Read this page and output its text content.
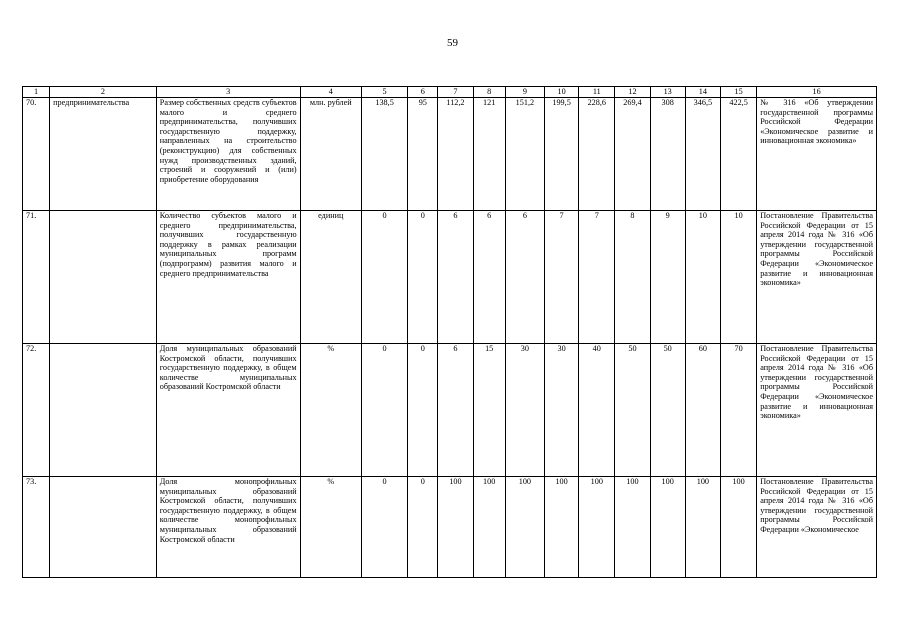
59
1	2	3	4	5	6	7	8	9	10	11	12	13	14	15	16
70.	предпринимательства	Размер собственных средств субъектов малого и среднего предпринимательства, получивших государственную поддержку, направленных на строительство (реконструкцию) для собственных нужд производственных зданий, строений и сооружений и (или) приобретение оборудования	млн. рублей	138,5	95	112,2	121	151,2	199,5	228,6	269,4	308	346,5	422,5	№ 316 «Об утверждении государственной программы Российской Федерации «Экономическое развитие и инновационная экономика»
71.		Количество субъектов малого и среднего предпринимательства, получивших государственную поддержку в рамках реализации муниципальных программ (подпрограмм) развития малого и среднего предпринимательства	единиц	0	0	6	6	6	7	7	8	9	10	10	Постановление Правительства Российской Федерации от 15 апреля 2014 года № 316 «Об утверждении государственной программы Российской Федерации «Экономическое развитие и инновационная экономика»
72.		Доля муниципальных образований Костромской области, получивших государственную поддержку, в общем количестве муниципальных образований Костромской области	%	0	0	6	15	30	30	40	50	50	60	70	Постановление Правительства Российской Федерации от 15 апреля 2014 года № 316 «Об утверждении государственной программы Российской Федерации «Экономическое развитие и инновационная экономика»
73.		Доля монопрофильных муниципальных образований Костромской области, получивших государственную поддержку, в общем количестве монопрофильных муниципальных образований Костромской области	%	0	0	100	100	100	100	100	100	100	100	100	Постановление Правительства Российской Федерации от 15 апреля 2014 года № 316 «Об утверждении государственной программы Российской Федерации «Экономическое
